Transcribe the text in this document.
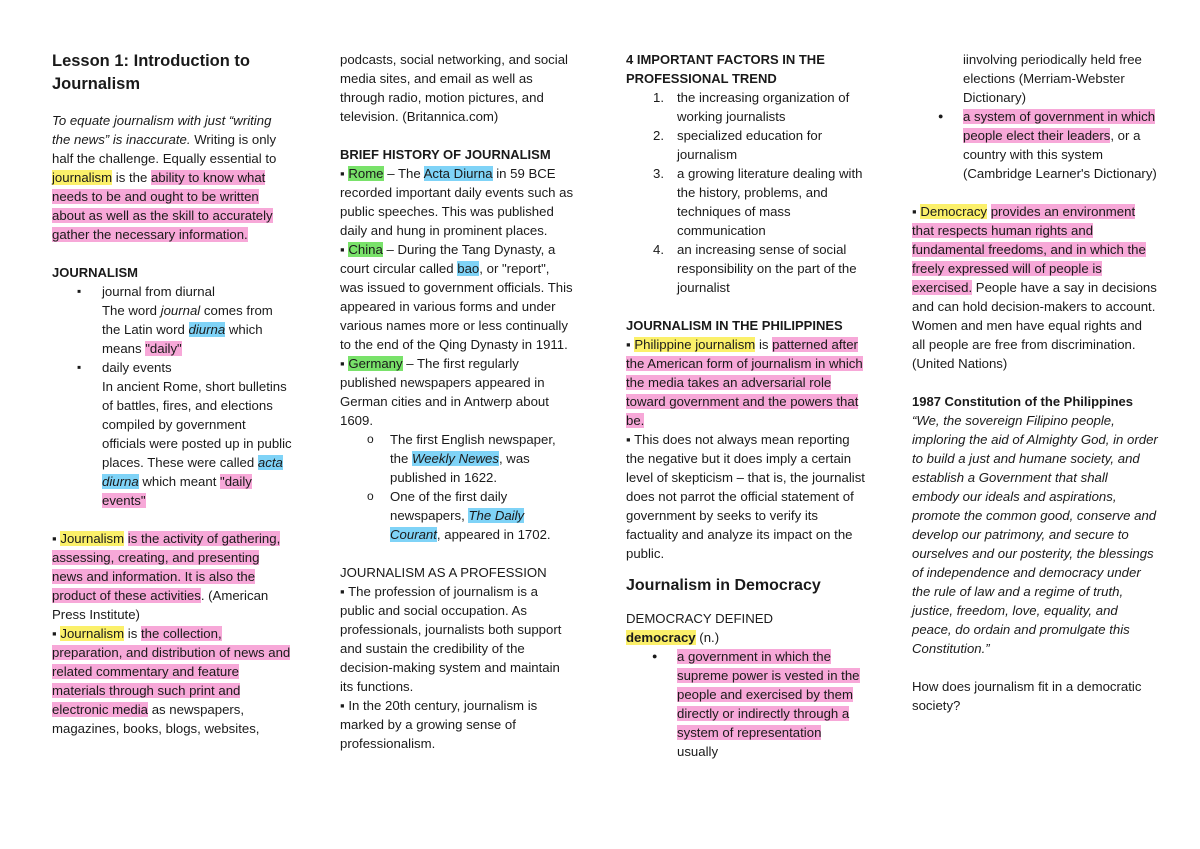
Lesson 1: Introduction to Journalism

To equate journalism with just “writing the news” is inaccurate. Writing is only half the challenge. Equally essential to journalism is the ability to know what needs to be and ought to be written about as well as the skill to accurately gather the necessary information.

JOURNALISM

▪ journal from diurnal
The word journal comes from the Latin word diurna which means "daily"
▪ daily events
In ancient Rome, short bulletins of battles, fires, and elections compiled by government officials were posted up in public places. These were called acta diurna which meant "daily events"

▪ Journalism is the activity of gathering, assessing, creating, and presenting news and information. It is also the product of these activities. (American Press Institute)

▪ Journalism is the collection, preparation, and distribution of news and related commentary and feature materials through such print and electronic media as newspapers, magazines, books, blogs, websites,

podcasts, social networking, and social media sites, and email as well as through radio, motion pictures, and television. (Britannica.com)

BRIEF HISTORY OF JOURNALISM

▪ Rome – The Acta Diurna in 59 BCE recorded important daily events such as public speeches. This was published daily and hung in prominent places.

▪ China – During the Tang Dynasty, a court circular called bao, or "report", was issued to government officials. This appeared in various forms and under various names more or less continually to the end of the Qing Dynasty in 1911.

▪ Germany – The first regularly published newspapers appeared in German cities and in Antwerp about 1609.

o The first English newspaper, the Weekly Newes, was published in 1622.
o One of the first daily newspapers, The Daily Courant, appeared in 1702.

JOURNALISM AS A PROFESSION

▪ The profession of journalism is a public and social occupation. As professionals, journalists both support and sustain the credibility of the decision-making system and maintain its functions.

▪ In the 20th century, journalism is marked by a growing sense of professionalism.

4 IMPORTANT FACTORS IN THE PROFESSIONAL TREND

1. the increasing organization of working journalists
2. specialized education for journalism
3. a growing literature dealing with the history, problems, and techniques of mass communication
4. an increasing sense of social responsibility on the part of the journalist

JOURNALISM IN THE PHILIPPINES

▪ Philippine journalism is patterned after the American form of journalism in which the media takes an adversarial role toward government and the powers that be.

▪ This does not always mean reporting the negative but it does imply a certain level of skepticism – that is, the journalist does not parrot the official statement of government by seeks to verify its factuality and analyze its impact on the public.

Journalism in Democracy

DEMOCRACY DEFINED

democracy (n.)

● a government in which the supreme power is vested in the people and exercised by them directly or indirectly through a system of representation usually

iinvolving periodically held free elections (Merriam-Webster Dictionary)

● a system of government in which people elect their leaders, or a country with this system (Cambridge Learner's Dictionary)

▪ Democracy provides an environment that respects human rights and fundamental freedoms, and in which the freely expressed will of people is exercised. People have a say in decisions and can hold decision-makers to account. Women and men have equal rights and all people are free from discrimination. (United Nations)

1987 Constitution of the Philippines

“We, the sovereign Filipino people, imploring the aid of Almighty God, in order to build a just and humane society, and establish a Government that shall embody our ideals and aspirations, promote the common good, conserve and develop our patrimony, and secure to ourselves and our posterity, the blessings of independence and democracy under the rule of law and a regime of truth, justice, freedom, love, equality, and peace, do ordain and promulgate this Constitution.”

How does journalism fit in a democratic society?
